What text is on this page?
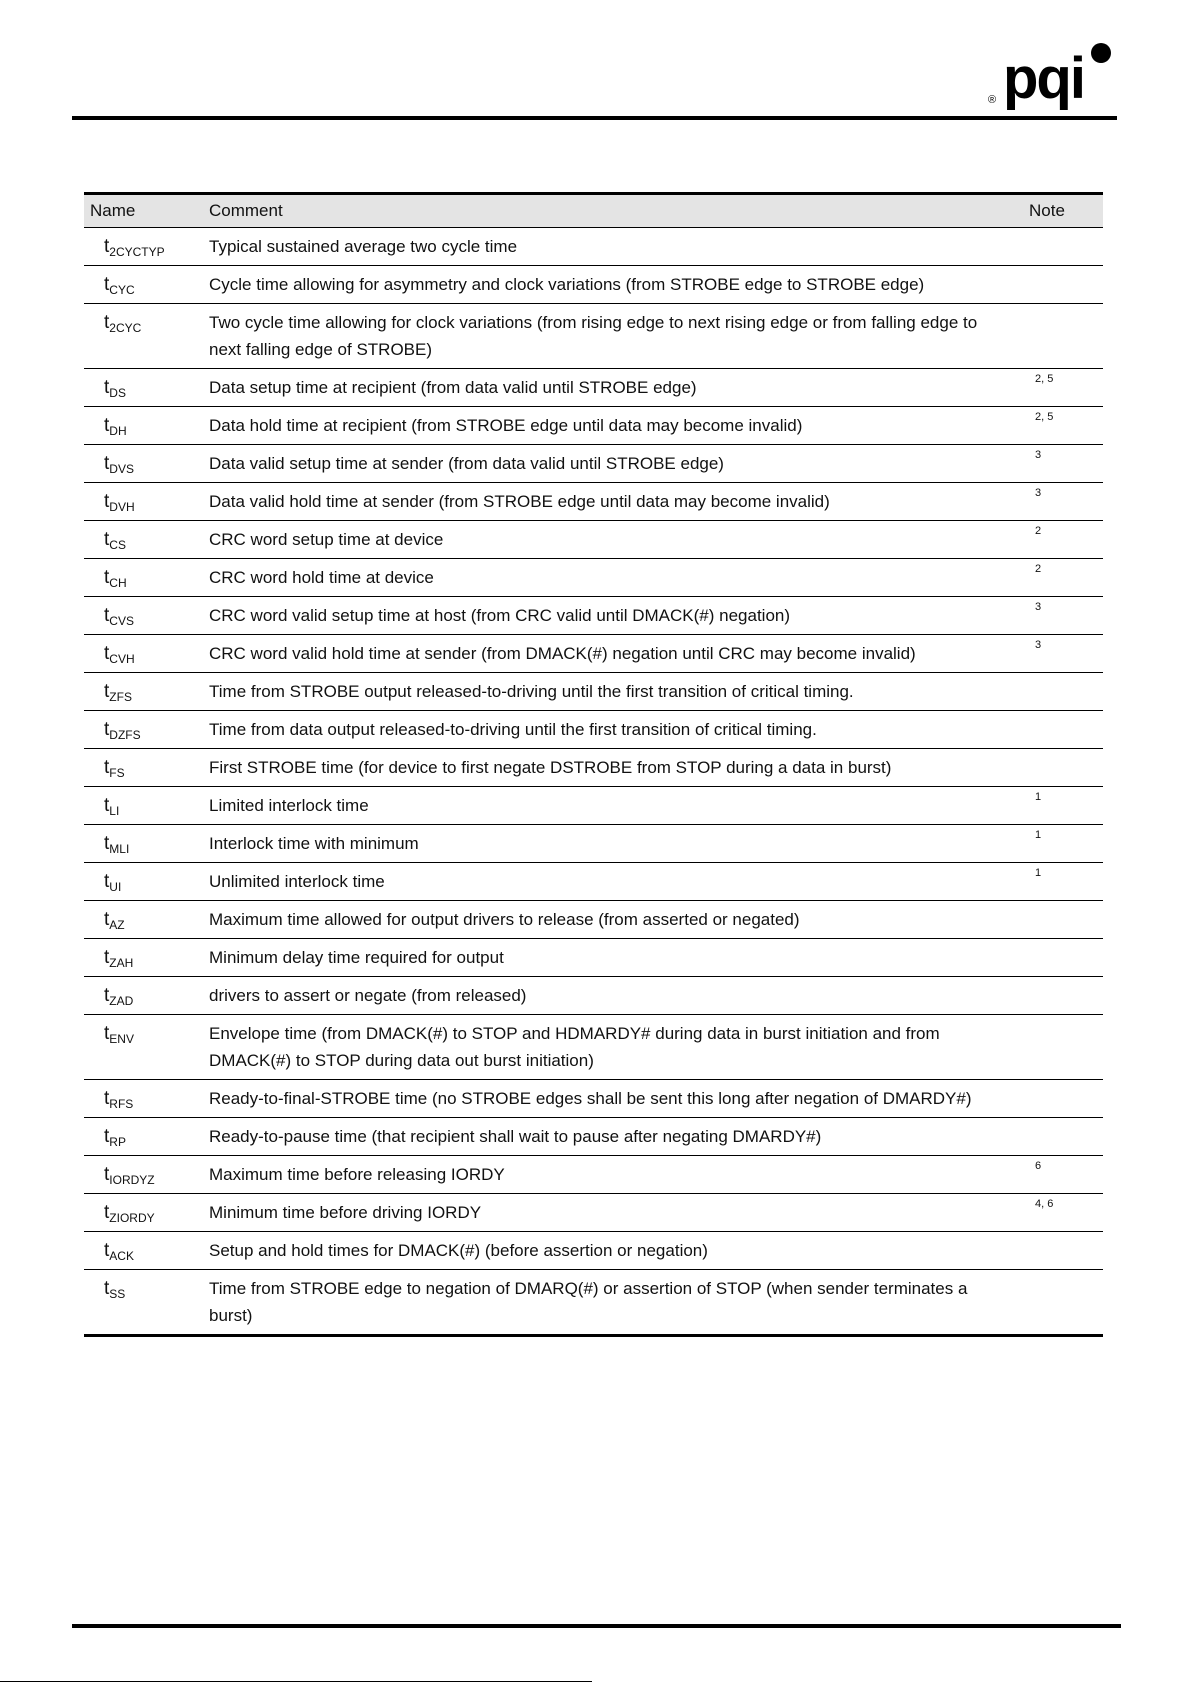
® pqi
Name	Comment	Note
$t_{2CYCTYP}$	Typical sustained average two cycle time	
$t_{CYC}$	Cycle time allowing for asymmetry and clock variations (from STROBE edge to STROBE edge)	
$t_{2CYC}$	Two cycle time allowing for clock variations (from rising edge to next rising edge or from falling edge to next falling edge of STROBE)	
$t_{DS}$	Data setup time at recipient (from data valid until STROBE edge)	2, 5
$t_{DH}$	Data hold time at recipient (from STROBE edge until data may become invalid)	2, 5
$t_{DVS}$	Data valid setup time at sender (from data valid until STROBE edge)	3
$t_{DVH}$	Data valid hold time at sender (from STROBE edge until data may become invalid)	3
$t_{CS}$	CRC word setup time at device	2
$t_{CH}$	CRC word hold time at device	2
$t_{CVS}$	CRC word valid setup time at host (from CRC valid until DMACK(#) negation)	3
$t_{CVH}$	CRC word valid hold time at sender (from DMACK(#) negation until CRC may become invalid)	3
$t_{ZFS}$	Time from STROBE output released-to-driving until the first transition of critical timing.	
$t_{DZFS}$	Time from data output released-to-driving until the first transition of critical timing.	
$t_{FS}$	First STROBE time (for device to first negate DSTROBE from STOP during a data in burst)	
$t_{LI}$	Limited interlock time	1
$t_{MLI}$	Interlock time with minimum	1
$t_{UI}$	Unlimited interlock time	1
$t_{AZ}$	Maximum time allowed for output drivers to release (from asserted or negated)	
$t_{ZAH}$	Minimum delay time required for output	
$t_{ZAD}$	drivers to assert or negate (from released)	
$t_{ENV}$	Envelope time (from DMACK(#) to STOP and HDMARDY# during data in burst initiation and from DMACK(#) to STOP during data out burst initiation)	
$t_{RFS}$	Ready-to-final-STROBE time (no STROBE edges shall be sent this long after negation of DMARDY#)	
$t_{RP}$	Ready-to-pause time (that recipient shall wait to pause after negating DMARDY#)	
$t_{IORDYZ}$	Maximum time before releasing IORDY	6
$t_{ZIORDY}$	Minimum time before driving IORDY	4, 6
$t_{ACK}$	Setup and hold times for DMACK(#) (before assertion or negation)	
$t_{SS}$	Time from STROBE edge to negation of DMARQ(#) or assertion of STOP (when sender terminates a burst)	
